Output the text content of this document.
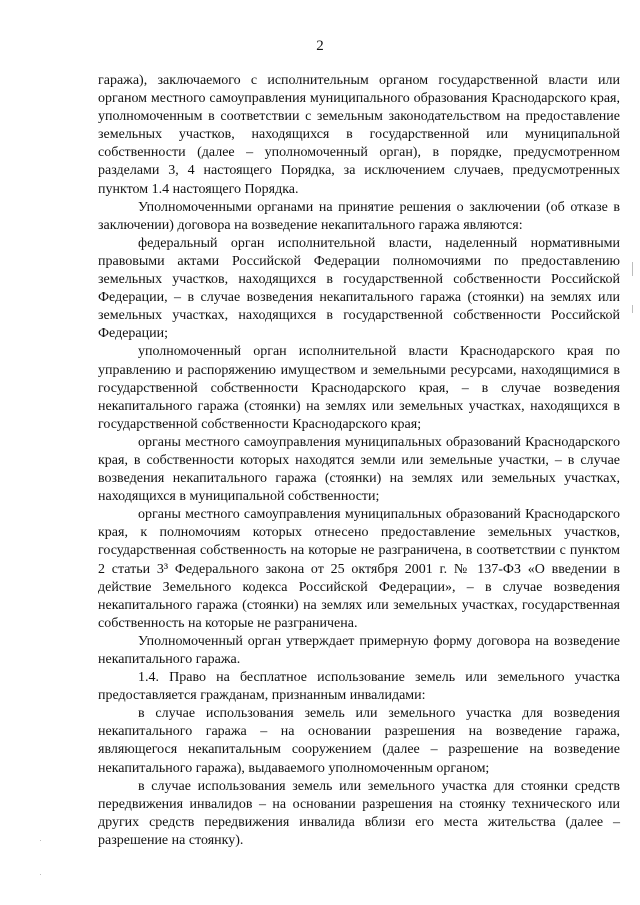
2

гаража), заключаемого с исполнительным органом государственной власти или органом местного самоуправления муниципального образования Краснодарского края, уполномоченным в соответствии с земельным законодательством на предоставление земельных участков, находящихся в государственной или муниципальной собственности (далее – уполномоченный орган), в порядке, предусмотренном разделами 3, 4 настоящего Порядка, за исключением случаев, предусмотренных пунктом 1.4 настоящего Порядка.

Уполномоченными органами на принятие решения о заключении (об отказе в заключении) договора на возведение некапитального гаража являются:

федеральный орган исполнительной власти, наделенный нормативными правовыми актами Российской Федерации полномочиями по предоставлению земельных участков, находящихся в государственной собственности Российской Федерации, – в случае возведения некапитального гаража (стоянки) на землях или земельных участках, находящихся в государственной собственности Российской Федерации;

уполномоченный орган исполнительной власти Краснодарского края по управлению и распоряжению имуществом и земельными ресурсами, находящимися в государственной собственности Краснодарского края, – в случае возведения некапитального гаража (стоянки) на землях или земельных участках, находящихся в государственной собственности Краснодарского края;

органы местного самоуправления муниципальных образований Краснодарского края, в собственности которых находятся земли или земельные участки, – в случае возведения некапитального гаража (стоянки) на землях или земельных участках, находящихся в муниципальной собственности;

органы местного самоуправления муниципальных образований Краснодарского края, к полномочиям которых отнесено предоставление земельных участков, государственная собственность на которые не разграничена, в соответствии с пунктом 2 статьи 3³ Федерального закона от 25 октября 2001 г. № 137-ФЗ «О введении в действие Земельного кодекса Российской Федерации», – в случае возведения некапитального гаража (стоянки) на землях или земельных участках, государственная собственность на которые не разграничена.

Уполномоченный орган утверждает примерную форму договора на возведение некапитального гаража.

1.4. Право на бесплатное использование земель или земельного участка предоставляется гражданам, признанным инвалидами:

в случае использования земель или земельного участка для возведения некапитального гаража – на основании разрешения на возведение гаража, являющегося некапитальным сооружением (далее – разрешение на возведение некапитального гаража), выдаваемого уполномоченным органом;

в случае использования земель или земельного участка для стоянки средств передвижения инвалидов – на основании разрешения на стоянку технического или других средств передвижения инвалида вблизи его места жительства (далее – разрешение на стоянку).
